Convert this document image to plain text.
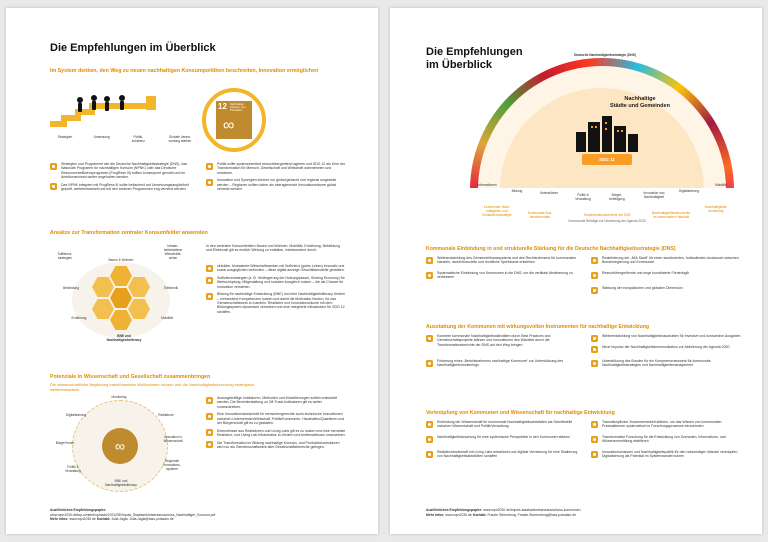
Die Empfehlungen im Überblick
Im System denken, den Weg zu neuen nachhaltigen Konsumpolitiken beschreiten, Innovation ermöglichen
Strategien	Umsetzung	Politik-
kohärenz
Globale Verant-
wortung stärken
12 Nachhaltige Konsum- und Produktion
∞
Strategien und Programme wie die Deutsche Nachhaltigkeitsstrategie (DNS), das Nationale Programm für nachhaltigen Konsum (NPNK) oder das Deutsche Ressourceneffizienzprogramm (ProgRess III) sollten konsequent genutzt und im Ambitionsniveau weiter angehoben werden.
Das NPNK integriert mit ProgRess III sollte fortlaufend auf Umsetzungstauglichkeit geprüft, weiterentwickelt und mit den anderen Programmen eng vernetzt werden.
Politik sollte systemorientiert ressortübergreifend agieren und SDG 12 als Kern der Transformation für Mensch, Gesellschaft und Wirtschaft wahrnehmen und umsetzen.
Innovation und Synergien können nur global gedacht und regional umgesetzt werden – Regionen sollten daher als interagierende Innovationsräume global vernetzt werden.
Ansätze zur Transformation zentraler Konsumfelder anwenden
Suffizienz-
strategien	Bauen & Wohnen
Infrastr.,
beibehaltene
Wirtschafts-
weise
Bekleidung	Elektronik
Ernährung	Mobilität
BNE und
Nachhaltigkeitsliteracy
In den zentralen Konsumfeldern Bauen und Wohnen, Mobilität, Ernährung, Bekleidung und Elektronik gilt es endlich Wirkung zu entfalten, insbesondere durch:
zirkuläre, biobasierte Wirtschaftsweisen mit Suffizienz (gutes Leben) innovativ und sozial ausgeglichen verbinden – diese digital anzeige Geschäftsmodelle gestalten.
Suffizienzstrategien (z. B. Verlängerung der Nutzungsdauer, Sharing Economy) für Wertschöpfung, Mitgestaltung und sozialen Ausgleich nutzen – die als Chance für Innovation verstehen.
Bildung für nachhaltige Entwicklung (BNE) und eine Nachhaltigkeitsliteracy fördern – vorhandene Kompetenzen nutzen und damit die Motivation fördern, für das Gemeinschaftswerk zu handeln. Realisiere und Innovationsräume mit dem Bildungssystem dynamisch vernetzen und eine integrierte Infrastruktur für SDG 12 schaffen.
Potenziale in Wissenschaft und Gesellschaft zusammenbringen
Die wissenschaftliche Begleitung transformativer Maßnahmen sichern und die Nachhaltigkeitsforschung strategisch weiterentwickeln
∞
Monitoring
Digitalisierung	Reallabore
Bürger*innen
Innovation in
Wissenschaft
Regionale
Innovations-
systeme
BNE und
Nachhaltigkeitsliteracy
Politik &
Verwaltung
Aussagekräftige Indikatoren, Methoden und Modellierungen sollten entwickelt werden. Die Berichterstattung zu Off-Track-Indikatoren gilt es weiter voranzutreiben.
Eine Innovationslandschaft für menschengerechte sozio-technische Innovationen zwischen Unternehmen/Wirtschaft, Politik/Kommunen, Haushalten/Quartieren und der Bürgerschaft gilt es zu gestalten.
Erkenntnisse aus Reallaboren und Living Labs gilt es zu nutzen und eine vernetzte Reallabor- und Living Lab-Infrastruktur zu fördern und breitenwirksam umzusetzen.
Die Transformation im Bildung nachhaltige Konsum- und Produktionsstrukturen wird nur als Gemeinschaftswerk aller Gesellschaftsbereiche gelingen.
Ausführliches Empfehlungspapier:
www.wpn2030.de/wp-content/uploads/2021/05/Impuls_Staatssekretaersausschuss_Nachhaltiger_Konsum.pdf
Mehr Infos: www.wpn2030.de Kontakt: Julia Jagla, Julia.Jagla@iass-potsdam.de
Die Empfehlungen
im Überblick
Deutsche Nachhaltigkeitsstrategie (DNS)
Nachhaltige
Städte und Gemeinden
SDG 11
Informationen
Bildung	Unterstützen	Politik &
Verwaltung
Bürger-
beteiligung
Innovation und
Nachhaltigkeit
Digitalisierung
Mobilität
Kommunale Nach-
haltigkeits- und
Klimaschutzstrategie	Kommunale Aus-
tauschformate	Transformationsberichte der DNS
Kommunale Beiträge zur Umsetzung der Agenda 2030
Nachhaltigkeitsinstrumente
im kommunalen Haushalt
Nachhaltigkeits-
monitoring
Kommunale Einbindung in und strukturelle Stärkung für die Deutsche Nachhaltigkeitsstrategie (DNS)
Weiterentwicklung des Gemeindefinanzsystems und des Rechtsrahmens für kommunales Handeln, damit finanzielle und rechtliche Spielräume entstehen
Reaktivierung der „IMA Stadt“ für einen strukturierten, fortlaufenden Austausch zwischen Bundesregierung und Kommunen
Systematische Einbindung von Kommunen in die DNS, um die vertikale Abstimmung zu verbessern
Ressortübergreifende und enge koordinierte Förderlogik
Stärkung der europäischen und globalen Dimension
Ausstattung der Kommunen mit wirkungsvollen Instrumenten für nachhaltige Entwicklung
Konkrete kommunale Nachhaltigkeitsaktivitäten durch Best Practices und Gemeinschaftsprojekte stärken und Innovationen des Wandels durch die Transformationsberichte der DNS auf den Weg bringen
Weiterentwicklung von Nachhaltigkeitshaushalten für investive und konsumtive Ausgaben
Neue Impulse der Nachhaltigkeitskommunikation zur Aktivierung der Agenda 2030
Förderung eines „Berichtsrahmens nachhaltige Kommune“ zur Unterstützung des Nachhaltigkeitsmonitorings
Unterstützung des Bundes für ein Kompetenznetzwerk für kommunale Nachhaltigkeitsstrategien und Nachhaltigkeitsmanagement
Verknüpfung von Kommunen und Wissenschaft für nachhaltige Entwicklung
Einbindung der Wissenschaft für kommunale Nachhaltigkeitsaktivitäten als Schnittstelle zwischen Wissenschaft und Politik/Verwaltung
Transdisziplinäre Zusammenarbeit stärken, um das Wissen von kommunalen Praxisakteuren systematisch in Forschungsprozesse einzubinden
Nachhaltigkeitsforschung für eine systemische Perspektive in den Kommunen stärken	Transformative Forschung für die Entwicklung von Szenarien, Informations- und Wissensvermittlung etablieren
Reallaborlandschaft mit Living Labs entwickeln und digitale Vernetzung für eine Skalierung von Nachhaltigkeitsaktivitäten schaffen
Innovationschancen und Nachhaltigkeitspolitik für den notwendigen Wandel verknüpfen, Digitalisierung als Potential im Systemwandel nutzen
Ausführliches Empfehlungspapier: www.wpn2030.de/impuls-staatssekretaersausschuss-kommunen
Mehr Infos: www.wpn2030.de Kontakt: Frauke Stürenburg, Frauke.Stuerenburg@iass-potsdam.de
